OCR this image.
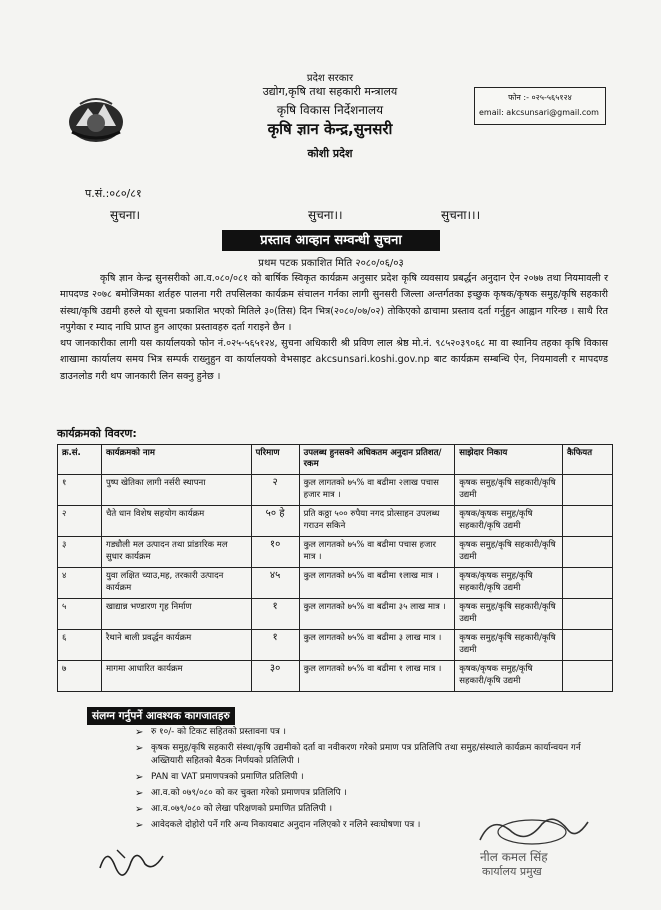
प्रदेश सरकार
उद्योग,कृषि तथा सहकारी मन्त्रालय
कृषि विकास निर्देशनालय
कृषि ज्ञान केन्द्र,सुनसरी
कोशी प्रदेश
फोन :- ०२५-५६५१२४
email: akcsunsari@gmail.com
प.सं.:०८०/८१
सुचना।	सुचना।।	सुचना।।।
प्रस्ताव आव्हान सम्वन्धी सुचना
प्रथम पटक प्रकाशित मिति २०८०/०६/०३

कृषि ज्ञान केन्द्र सुनसरीको आ.व.०८०/०८१ को बार्षिक स्विकृत कार्यक्रम अनुसार प्रदेश कृषि व्यवसाय प्रबर्द्धन अनुदान ऐन २०७७ तथा नियमावली र मापदण्ड २०७८ बमोजिमका शर्तहरु पालना गरी तपसिलका कार्यक्रम संचालन गर्नका लागी सुनसरी जिल्ला अन्तर्गतका इच्छुक कृषक/कृषक समुह/कृषि सहकारी संस्था/कृषि उद्यमी हरुले यो सूचना प्रकाशित भएको मितिले ३०(तिस) दिन भित्र(२०८०/०७/०२) तोकिएको ढाचामा प्रस्ताव दर्ता गर्नुहुन आह्वान गरिन्छ । साथै रित नपुगेका र म्याद नाघि प्राप्त हुन आएका प्रस्तावहरु दर्ता गराइने छैन ।

थप जानकारीका लागी यस कार्यालयको फोन नं.०२५-५६५१२४, सुचना अधिकारी श्री प्रविण लाल श्रेष्ठ मो.नं. ९८५२०३९०६८ मा वा स्थानिय तहका कृषि विकास शाखामा कार्यालय समय भित्र सम्पर्क राख्नुहुन वा कार्यालयको वेभसाइट akcsunsari.koshi.gov.np बाट कार्यक्रम सम्बन्धि ऐन, नियमावली र मापदण्ड डाउनलोड गरी थप जानकारी लिन सक्नु हुनेछ ।

कार्यक्रमको विवरण:
क्र.सं.	कार्यक्रमको नाम	परिमाण	उपलब्ध हुनसक्ने अधिकतम अनुदान प्रतिशत/रकम	साझेदार निकाय	कैफियत
१	पुष्प खेतिका लागी नर्सरी स्थापना	२	कुल लागतको ७५% वा बढीमा २लाख पचास हजार मात्र ।	कृषक समुह/कृषि सहकारी/कृषि उद्यमी	
२	चैते धान विशेष सहयोग कार्यक्रम	५० हे	प्रति कठ्ठा ५०० रुपैया नगद प्रोत्साहन उपलब्ध गराउन सकिने	कृषक/कृषक समुह/कृषि सहकारी/कृषि उद्यमी	
३	गड्यौली मल उत्पादन तथा प्रांङारिक मल सुधार कार्यक्रम	१०	कुल लागतको ७५% वा बढीमा पचास हजार मात्र ।	कृषक समुह/कृषि सहकारी/कृषि उद्यमी	
४	युवा लक्षित च्याउ,मह, तरकारी उत्पादन कार्यक्रम	४५	कुल लागतको ७५% वा बढीमा १लाख मात्र ।	कृषक/कृषक समुह/कृषि सहकारी/कृषि उद्यमी	
५	खाद्यान्न भण्डारण गृह निर्माण	१	कुल लागतको ७५% वा बढीमा ३५ लाख मात्र ।	कृषक समुह/कृषि सहकारी/कृषि उद्यमी	
६	रैथाने बाली प्रवर्द्धन कार्यक्रम	१	कुल लागतको ७५% वा बढीमा ३ लाख मात्र ।	कृषक समुह/कृषि सहकारी/कृषि उद्यमी	
७	मागमा आधारित कार्यक्रम	३०	कुल लागतको ७५% वा बढीमा १ लाख मात्र ।	कृषक/कृषक समुह/कृषि सहकारी/कृषि उद्यमी	
संलग्न गर्नुपर्ने आवश्यक कागजातहरु
➢ रु १०/- को टिकट सहितको प्रस्तावना पत्र ।
➢ कृषक समुह/कृषि सहकारी संस्था/कृषि उद्यमीको दर्ता वा नवीकरण गरेको प्रमाण पत्र प्रतिलिपि तथा समुह/संस्थाले कार्यक्रम कार्यान्वयन गर्न अख्तियारी सहितको बैठक निर्णयको प्रतिलिपी ।
➢ PAN वा VAT प्रमाणपत्रको प्रमाणित प्रतिलिपी ।
➢ आ.व.को ०७९/०८० को कर चुक्ता गरेको प्रमाणपत्र प्रतिलिपि ।
➢ आ.व.०७९/०८० को लेखा परिक्षणको प्रमाणित प्रतिलिपी ।
➢ आवेदकले दोहोरो पर्ने गरि अन्य निकायबाट अनुदान नलिएको र नलिने स्वःघोषणा पत्र ।
नील कमल सिंह
कार्यालय प्रमुख
